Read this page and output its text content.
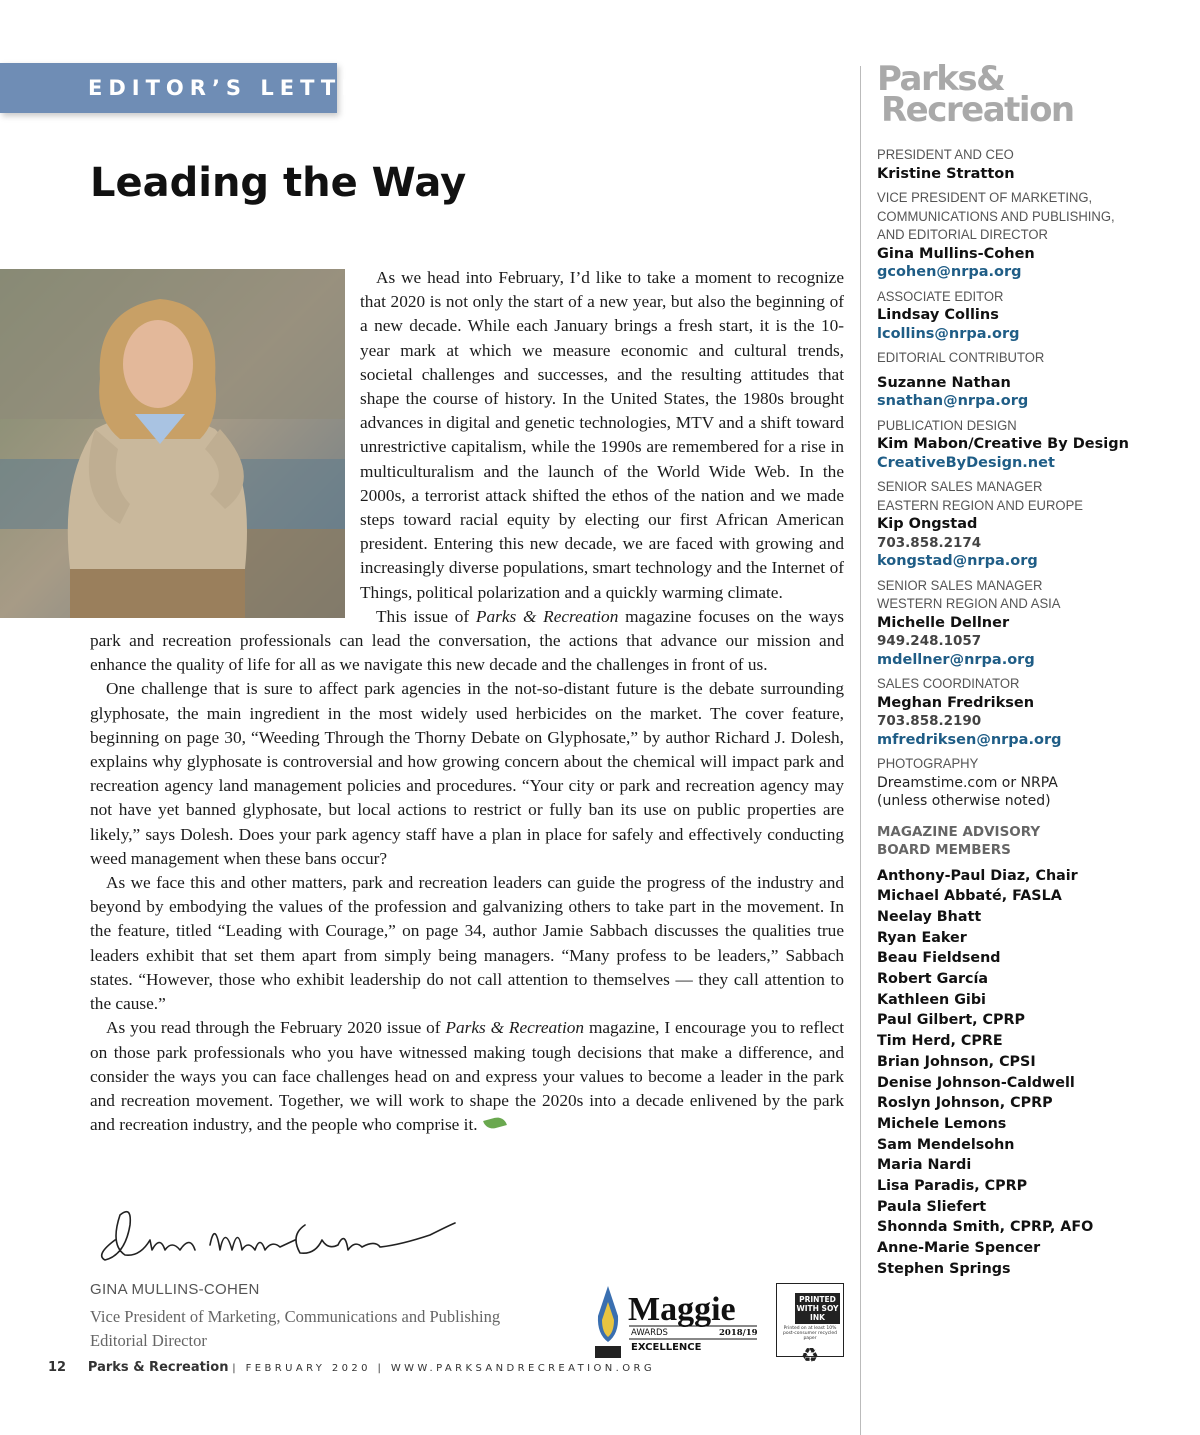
EDITOR’S LETTER
Leading the Way

As we head into February, I’d like to take a moment to recognize that 2020 is not only the start of a new year, but also the beginning of a new decade. While each January brings a fresh start, it is the 10-year mark at which we measure economic and cultural trends, societal challenges and successes, and the resulting attitudes that shape the course of history. In the United States, the 1980s brought advances in digital and genetic technologies, MTV and a shift toward unrestrictive capitalism, while the 1990s are remembered for a rise in multiculturalism and the launch of the World Wide Web. In the 2000s, a terrorist attack shifted the ethos of the nation and we made steps toward racial equity by electing our first African American president. Entering this new decade, we are faced with growing and increasingly diverse populations, smart technology and the Internet of Things, political polarization and a quickly warming climate.

This issue of Parks & Recreation magazine focuses on the ways park and recreation professionals can lead the conversation, the actions that advance our mission and enhance the quality of life for all as we navigate this new decade and the challenges in front of us.

One challenge that is sure to affect park agencies in the not-so-distant future is the debate surrounding glyphosate, the main ingredient in the most widely used herbicides on the market. The cover feature, beginning on page 30, “Weeding Through the Thorny Debate on Glyphosate,” by author Richard J. Dolesh, explains why glyphosate is controversial and how growing concern about the chemical will impact park and recreation agency land management policies and procedures. “Your city or park and recreation agency may not have yet banned glyphosate, but local actions to restrict or fully ban its use on public properties are likely,” says Dolesh. Does your park agency staff have a plan in place for safely and effectively conducting weed management when these bans occur?

As we face this and other matters, park and recreation leaders can guide the progress of the industry and beyond by embodying the values of the profession and galvanizing others to take part in the movement. In the feature, titled “Leading with Courage,” on page 34, author Jamie Sabbach discusses the qualities true leaders exhibit that set them apart from simply being managers. “Many profess to be leaders,” Sabbach states. “However, those who exhibit leadership do not call attention to themselves — they call attention to the cause.”

As you read through the February 2020 issue of Parks & Recreation magazine, I encourage you to reflect on those park professionals who you have witnessed making tough decisions that make a difference, and consider the ways you can face challenges head on and express your values to become a leader in the park and recreation movement. Together, we will work to shape the 2020s into a decade enlivened by the park and recreation industry, and the people who comprise it.

GINA MULLINS-COHEN
Vice President of Marketing, Communications and Publishing
Editorial Director
Maggie
AWARDS	2018/19
EXCELLENCE
PRINTED WITH SOY INK
Printed on at least 10% post-consumer recycled paper
♻
12 Parks & Recreation | FEBRUARY 2020 | WWW.PARKSANDRECREATION.ORG
Parks&
Recreation
PRESIDENT AND CEO
Kristine Stratton
VICE PRESIDENT OF MARKETING,
COMMUNICATIONS AND PUBLISHING,
AND EDITORIAL DIRECTOR
Gina Mullins-Cohen
gcohen@nrpa.org
ASSOCIATE EDITOR
Lindsay Collins
lcollins@nrpa.org
EDITORIAL CONTRIBUTOR
Suzanne Nathan
snathan@nrpa.org
PUBLICATION DESIGN
Kim Mabon/Creative By Design
CreativeByDesign.net
SENIOR SALES MANAGER
EASTERN REGION AND EUROPE
Kip Ongstad
703.858.2174
kongstad@nrpa.org
SENIOR SALES MANAGER
WESTERN REGION AND ASIA
Michelle Dellner
949.248.1057
mdellner@nrpa.org
SALES COORDINATOR
Meghan Fredriksen
703.858.2190
mfredriksen@nrpa.org
PHOTOGRAPHY
Dreamstime.com or NRPA
(unless otherwise noted)
MAGAZINE ADVISORY
BOARD MEMBERS
Anthony-Paul Diaz, Chair
Michael Abbaté, FASLA
Neelay Bhatt
Ryan Eaker
Beau Fieldsend
Robert García
Kathleen Gibi
Paul Gilbert, CPRP
Tim Herd, CPRE
Brian Johnson, CPSI
Denise Johnson-Caldwell
Roslyn Johnson, CPRP
Michele Lemons
Sam Mendelsohn
Maria Nardi
Lisa Paradis, CPRP
Paula Sliefert
Shonnda Smith, CPRP, AFO
Anne-Marie Spencer
Stephen Springs
